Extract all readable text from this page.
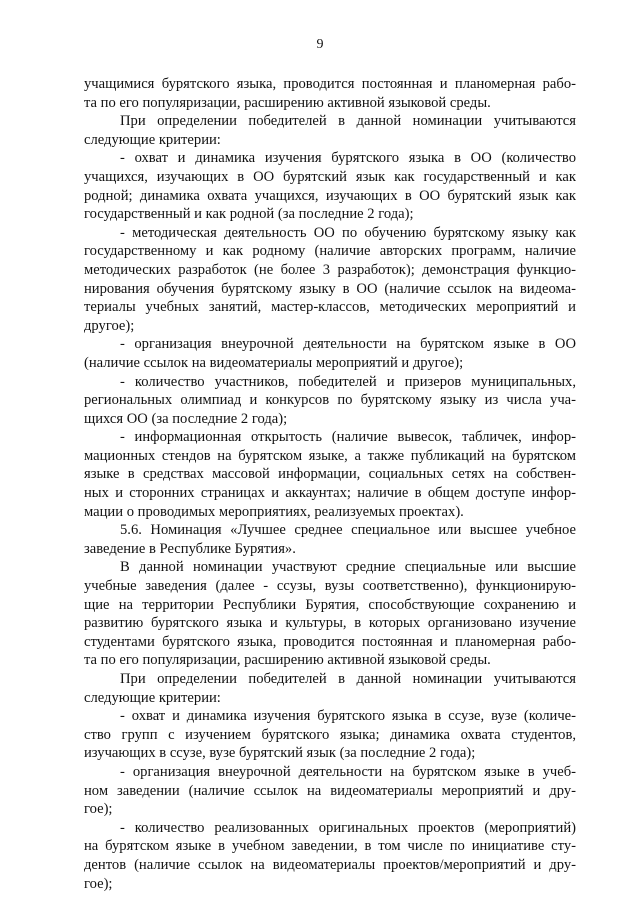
9
учащимися бурятского языка, проводится постоянная и планомерная рабо-
та по его популяризации, расширению активной языковой среды.
При определении победителей в данной номинации учитываются
следующие критерии:
- охват и динамика изучения бурятского языка в ОО (количество
учащихся, изучающих в ОО бурятский язык как государственный и как
родной; динамика охвата учащихся, изучающих в ОО бурятский язык как
государственный и как родной (за последние 2 года);
- методическая деятельность ОО по обучению бурятскому языку как
государственному и как родному (наличие авторских программ, наличие
методических разработок (не более 3 разработок); демонстрация функцио-
нирования обучения бурятскому языку в ОО (наличие ссылок на видеома-
териалы учебных занятий, мастер-классов, методических мероприятий и
другое);
- организация внеурочной деятельности на бурятском языке в ОО
(наличие ссылок на видеоматериалы мероприятий и другое);
- количество участников, победителей и призеров муниципальных,
региональных олимпиад и конкурсов по бурятскому языку из числа уча-
щихся ОО (за последние 2 года);
- информационная открытость (наличие вывесок, табличек, инфор-
мационных стендов на бурятском языке, а также публикаций на бурятском
языке в средствах массовой информации, социальных сетях на собствен-
ных и сторонних страницах и аккаунтах; наличие в общем доступе инфор-
мации о проводимых мероприятиях, реализуемых проектах).
5.6. Номинация «Лучшее среднее специальное или высшее учебное
заведение в Республике Бурятия».
В данной номинации участвуют средние специальные или высшие
учебные заведения (далее - ссузы, вузы соответственно), функционирую-
щие на территории Республики Бурятия, способствующие сохранению и
развитию бурятского языка и культуры, в которых организовано изучение
студентами бурятского языка, проводится постоянная и планомерная рабо-
та по его популяризации, расширению активной языковой среды.
При определении победителей в данной номинации учитываются
следующие критерии:
- охват и динамика изучения бурятского языка в ссузе, вузе (количе-
ство групп с изучением бурятского языка; динамика охвата студентов,
изучающих в ссузе, вузе бурятский язык (за последние 2 года);
- организация внеурочной деятельности на бурятском языке в учеб-
ном заведении (наличие ссылок на видеоматериалы мероприятий и дру-
гое);
- количество реализованных оригинальных проектов (мероприятий)
на бурятском языке в учебном заведении, в том числе по инициативе сту-
дентов (наличие ссылок на видеоматериалы проектов/мероприятий и дру-
гое);
